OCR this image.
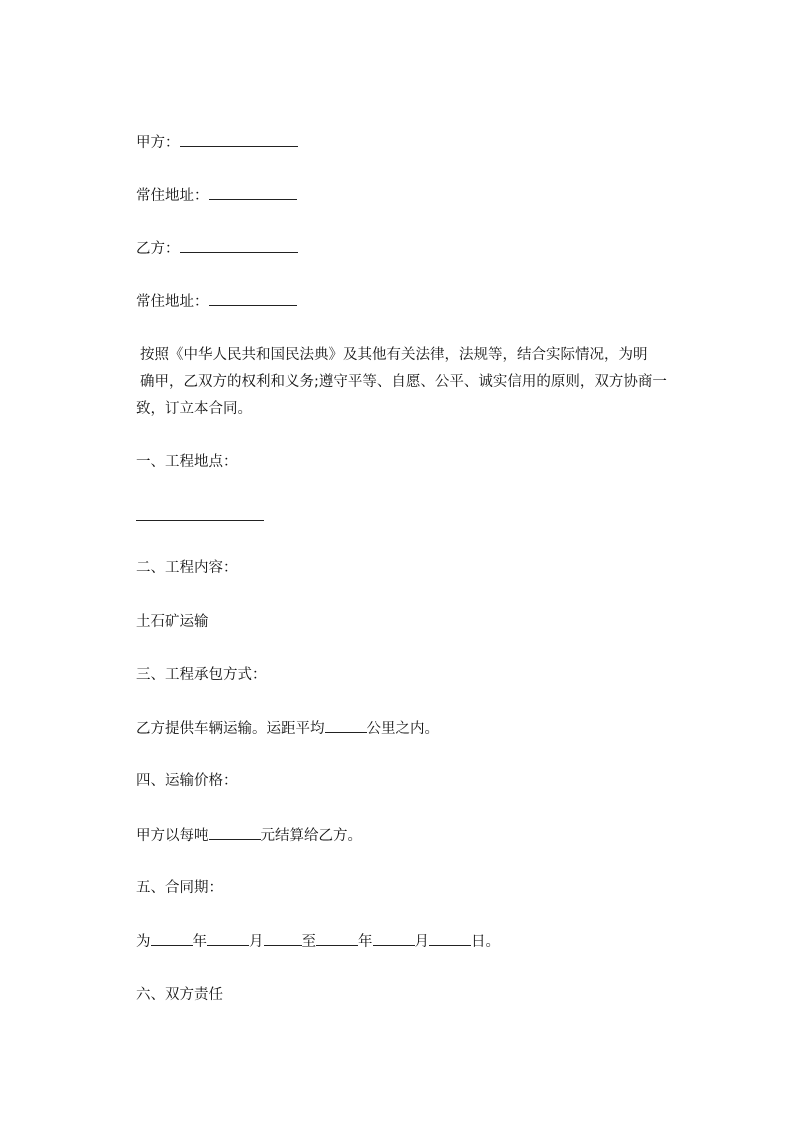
甲方：
常住地址：
乙方：
常住地址：
按照《中华人民共和国民法典》及其他有关法律，法规等，结合实际情况，为明
确甲，乙双方的权利和义务;遵守平等、自愿、公平、诚实信用的原则，双方协商一
致，订立本合同。
一、工程地点：
二、工程内容：
土石矿运输
三、工程承包方式：
乙方提供车辆运输。运距平均	公里之内。
四、运输价格：
甲方以每吨	元结算给乙方。
五、合同期：
为	年	月	至	年	月	日。
六、双方责任
